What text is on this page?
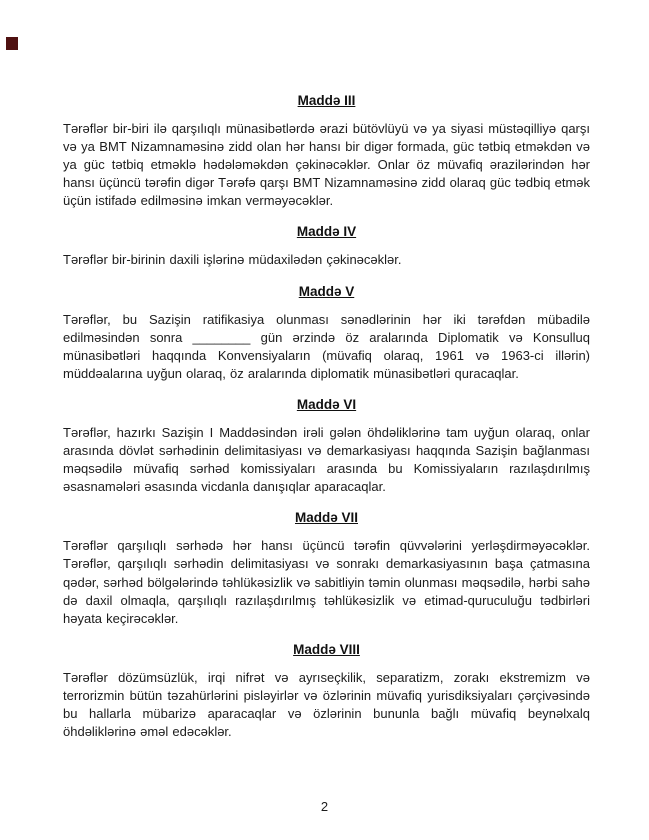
Maddə III

Tərəflər bir-biri ilə qarşılıqlı münasibətlərdə ərazi bütövlüyü və ya siyasi müstəqilliyə qarşı və ya BMT Nizamnaməsinə zidd olan hər hansı bir digər formada, güc tətbiq etməkdən və ya güc tətbiq etməklə hədələməkdən çəkinəcəklər. Onlar öz müvafiq ərazilərindən hər hansı üçüncü tərəfin digər Tərəfə qarşı BMT Nizamnaməsinə zidd olaraq güc tədbiq etmək üçün istifadə edilməsinə imkan verməyəcəklər.

Maddə IV

Tərəflər bir-birinin daxili işlərinə müdaxilədən çəkinəcəklər.

Maddə V

Tərəflər, bu Sazişin ratifikasiya olunması sənədlərinin hər iki tərəfdən mübadilə edilməsindən sonra ________ gün ərzində öz aralarında Diplomatik və Konsulluq münasibətləri haqqında Konvensiyaların (müvafiq olaraq, 1961 və 1963-ci illərin) müddəalarına uyğun olaraq, öz aralarında diplomatik münasibətləri quracaqlar.

Maddə VI

Tərəflər, hazırkı Sazişin I Maddəsindən irəli gələn öhdəliklərinə tam uyğun olaraq, onlar arasında dövlət sərhədinin delimitasiyası və demarkasiyası haqqında Sazişin bağlanması məqsədilə müvafiq sərhəd komissiyaları arasında bu Komissiyaların razılaşdırılmış əsasnamələri əsasında vicdanla danışıqlar aparacaqlar.

Maddə VII

Tərəflər qarşılıqlı sərhədə hər hansı üçüncü tərəfin qüvvələrini yerləşdirməyəcəklər. Tərəflər, qarşılıqlı sərhədin delimitasiyası və sonrakı demarkasiyasının başa çatmasına qədər, sərhəd bölgələrində təhlükəsizlik və sabitliyin təmin olunması məqsədilə, hərbi sahə də daxil olmaqla, qarşılıqlı razılaşdırılmış təhlükəsizlik və etimad-quruculuğu tədbirləri həyata keçirəcəklər.

Maddə VIII

Tərəflər dözümsüzlük, irqi nifrət və ayrıseçkilik, separatizm, zorakı ekstremizm və terrorizmin bütün təzahürlərini pisləyirlər və özlərinin müvafiq yurisdiksiyaları çərçivəsində bu hallarla mübarizə aparacaqlar və özlərinin bununla bağlı müvafiq beynəlxalq öhdəliklərinə əməl edəcəklər.

2
